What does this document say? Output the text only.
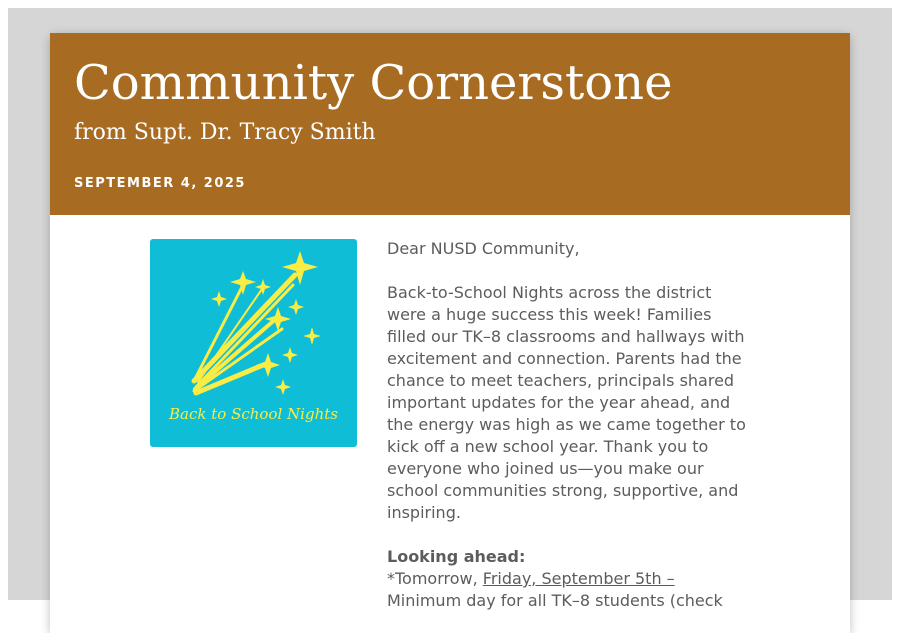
Community Cornerstone
from Supt. Dr. Tracy Smith
SEPTEMBER 4, 2025
Back to School Nights

Dear NUSD Community,

Back-to-School Nights across the district were a huge success this week! Families filled our TK–8 classrooms and hallways with excitement and connection. Parents had the chance to meet teachers, principals shared important updates for the year ahead, and the energy was high as we came together to kick off a new school year. Thank you to everyone who joined us—you make our school communities strong, supportive, and inspiring.

Looking ahead:
*Tomorrow, Friday, September 5th –
Minimum day for all TK–8 students (check
